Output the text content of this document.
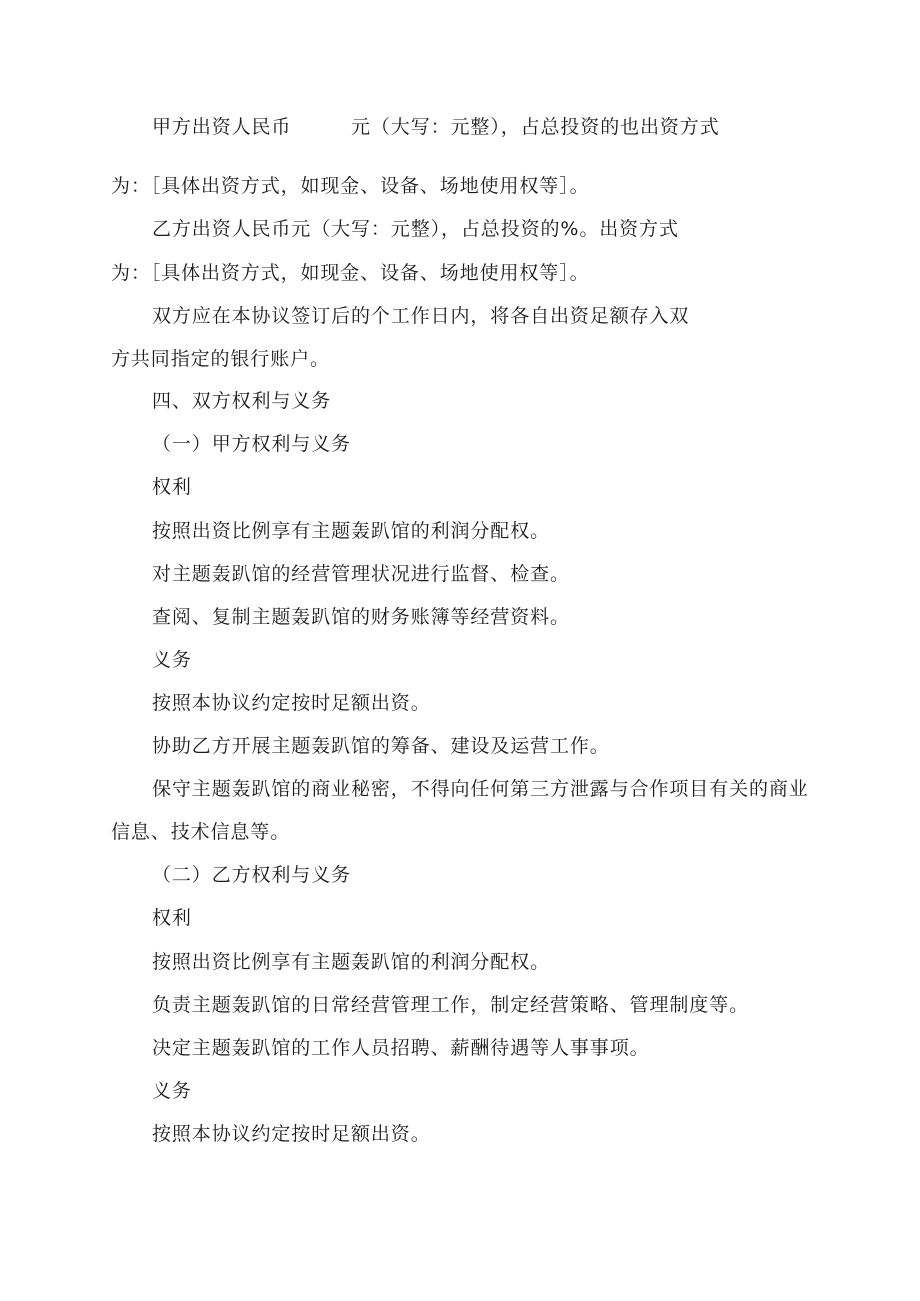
甲方出资人民币　　　元（大写：元整），占总投资的也出资方式
为：［具体出资方式，如现金、设备、场地使用权等］。
乙方出资人民币元（大写：元整），占总投资的%。出资方式
为：［具体出资方式，如现金、设备、场地使用权等］。
双方应在本协议签订后的个工作日内，将各自出资足额存入双
方共同指定的银行账户。
四、双方权利与义务
（一）甲方权利与义务
权利
按照出资比例享有主题轰趴馆的利润分配权。
对主题轰趴馆的经营管理状况进行监督、检查。
查阅、复制主题轰趴馆的财务账簿等经营资料。
义务
按照本协议约定按时足额出资。
协助乙方开展主题轰趴馆的筹备、建设及运营工作。
保守主题轰趴馆的商业秘密，不得向任何第三方泄露与合作项目有关的商业
信息、技术信息等。
（二）乙方权利与义务
权利
按照出资比例享有主题轰趴馆的利润分配权。
负责主题轰趴馆的日常经营管理工作，制定经营策略、管理制度等。
决定主题轰趴馆的工作人员招聘、薪酬待遇等人事事项。
义务
按照本协议约定按时足额出资。
